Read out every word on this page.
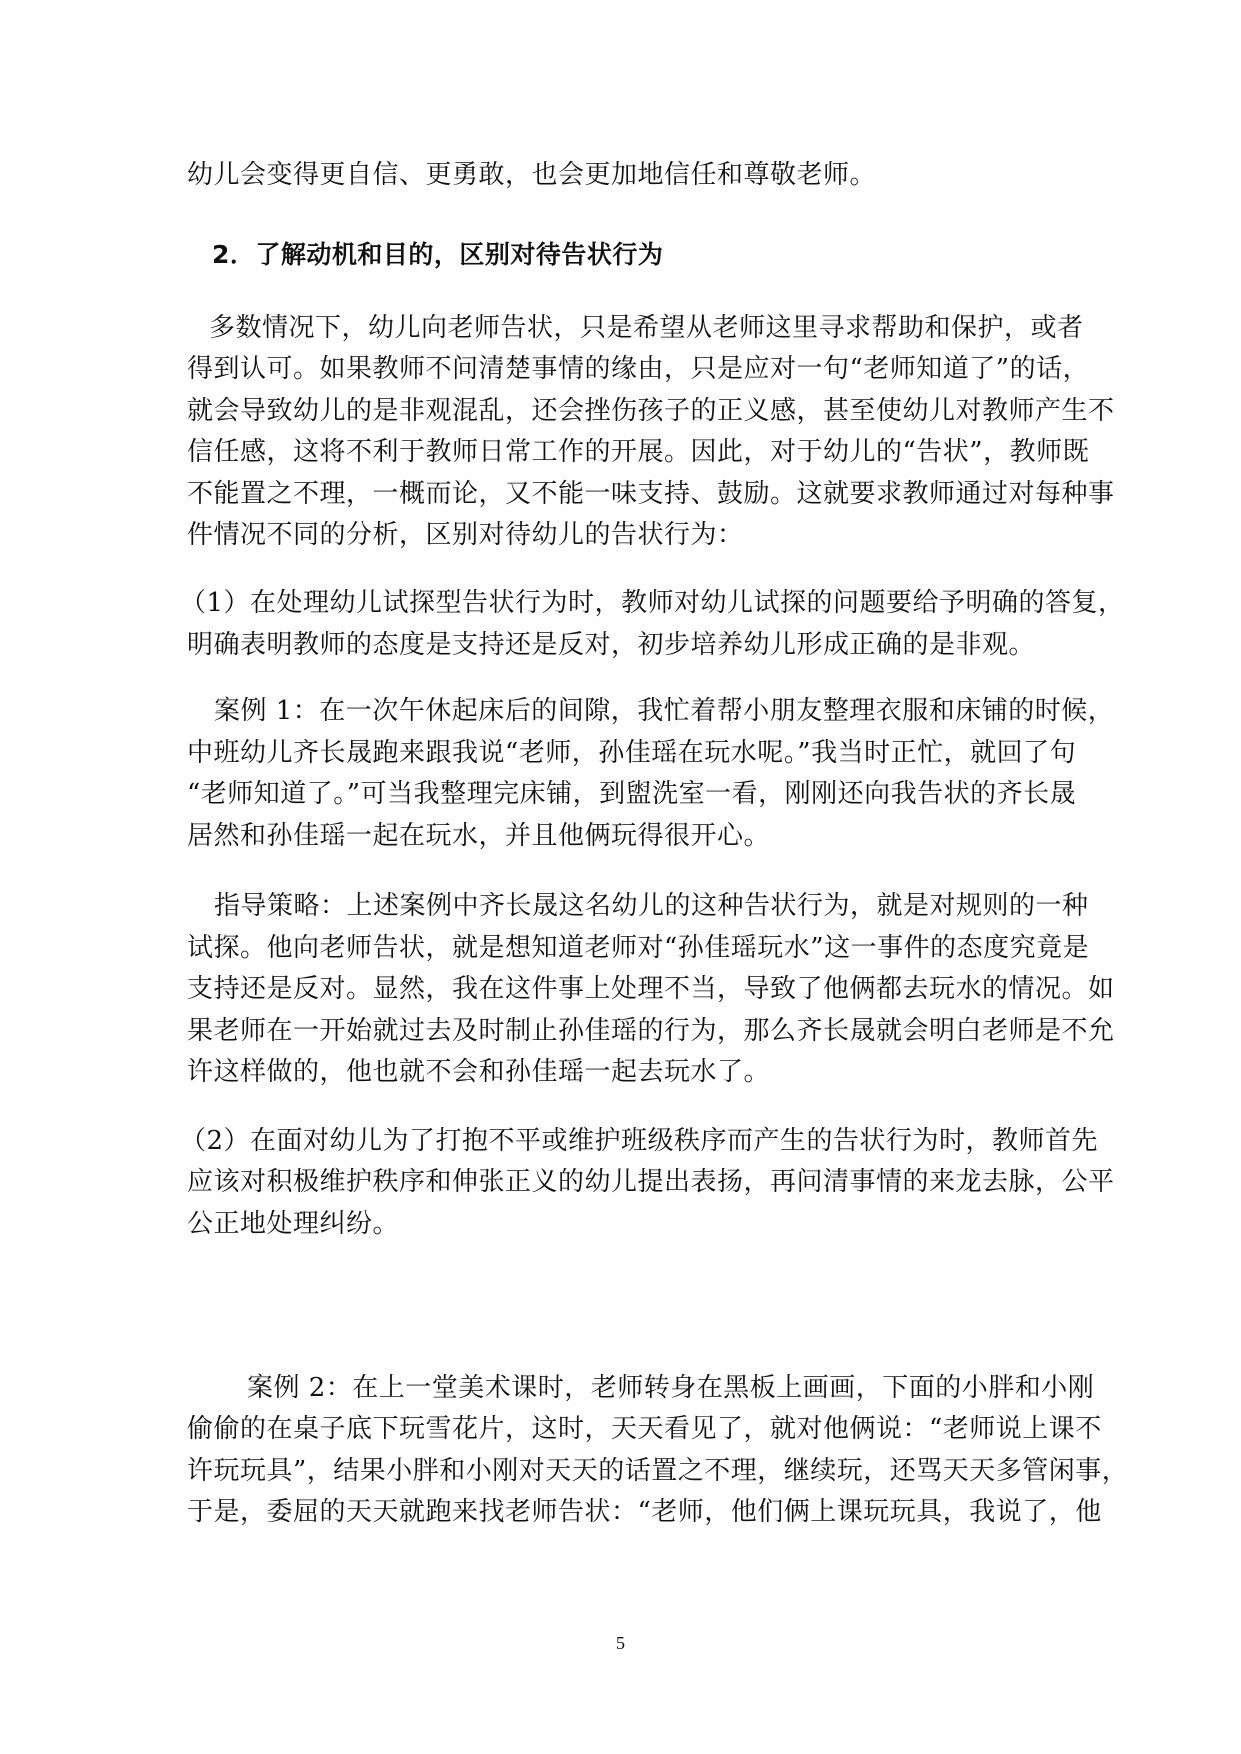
幼儿会变得更自信、更勇敢，也会更加地信任和尊敬老师。
2．了解动机和目的，区别对待告状行为
多数情况下，幼儿向老师告状，只是希望从老师这里寻求帮助和保护，或者
得到认可。如果教师不问清楚事情的缘由，只是应对一句“老师知道了”的话，
就会导致幼儿的是非观混乱，还会挫伤孩子的正义感，甚至使幼儿对教师产生不
信任感，这将不利于教师日常工作的开展。因此，对于幼儿的“告状”，教师既
不能置之不理，一概而论，又不能一味支持、鼓励。这就要求教师通过对每种事
件情况不同的分析，区别对待幼儿的告状行为：
（1）在处理幼儿试探型告状行为时，教师对幼儿试探的问题要给予明确的答复，
明确表明教师的态度是支持还是反对，初步培养幼儿形成正确的是非观。
案例 1：在一次午休起床后的间隙，我忙着帮小朋友整理衣服和床铺的时候，
中班幼儿齐长晟跑来跟我说“老师，孙佳瑶在玩水呢。”我当时正忙，就回了句
“老师知道了。”可当我整理完床铺，到盥洗室一看，刚刚还向我告状的齐长晟
居然和孙佳瑶一起在玩水，并且他俩玩得很开心。
指导策略：上述案例中齐长晟这名幼儿的这种告状行为，就是对规则的一种
试探。他向老师告状，就是想知道老师对“孙佳瑶玩水”这一事件的态度究竟是
支持还是反对。显然，我在这件事上处理不当，导致了他俩都去玩水的情况。如
果老师在一开始就过去及时制止孙佳瑶的行为，那么齐长晟就会明白老师是不允
许这样做的，他也就不会和孙佳瑶一起去玩水了。
（2）在面对幼儿为了打抱不平或维护班级秩序而产生的告状行为时，教师首先
应该对积极维护秩序和伸张正义的幼儿提出表扬，再问清事情的来龙去脉，公平
公正地处理纠纷。
案例 2：在上一堂美术课时，老师转身在黑板上画画，下面的小胖和小刚
偷偷的在桌子底下玩雪花片，这时，天天看见了，就对他俩说：“老师说上课不
许玩玩具”，结果小胖和小刚对天天的话置之不理，继续玩，还骂天天多管闲事，
于是，委屈的天天就跑来找老师告状：“老师，他们俩上课玩玩具，我说了，他
5
